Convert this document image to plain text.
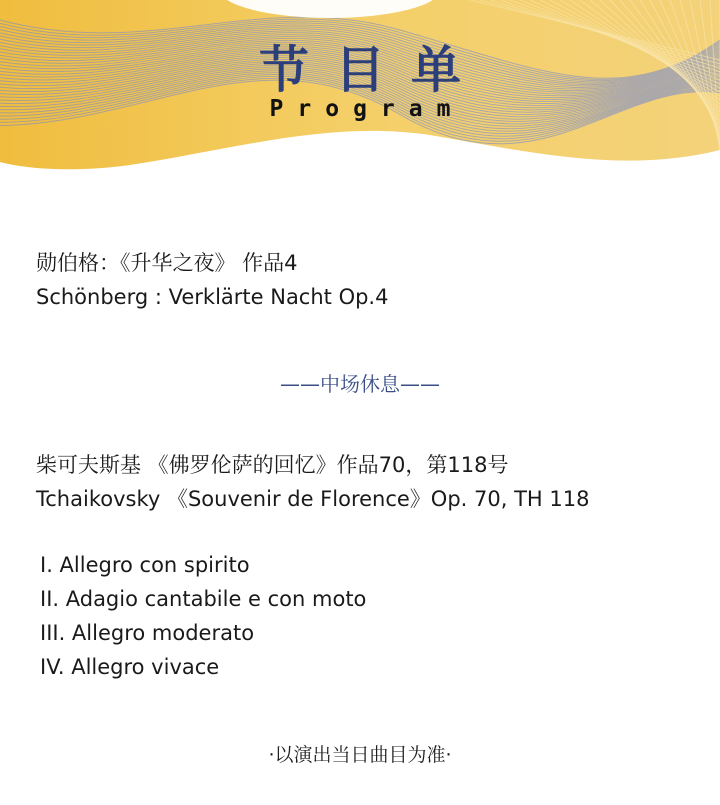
节目单
Program
勋伯格：《升华之夜》 作品4
Schönberg : Verklärte Nacht Op.4
——中场休息——
柴可夫斯基 《佛罗伦萨的回忆》作品70，第118号
Tchaikovsky 《Souvenir de Florence》Op. 70, TH 118
I. Allegro con spirito
II. Adagio cantabile e con moto
III. Allegro moderato
IV. Allegro vivace
·以演出当日曲目为准·
